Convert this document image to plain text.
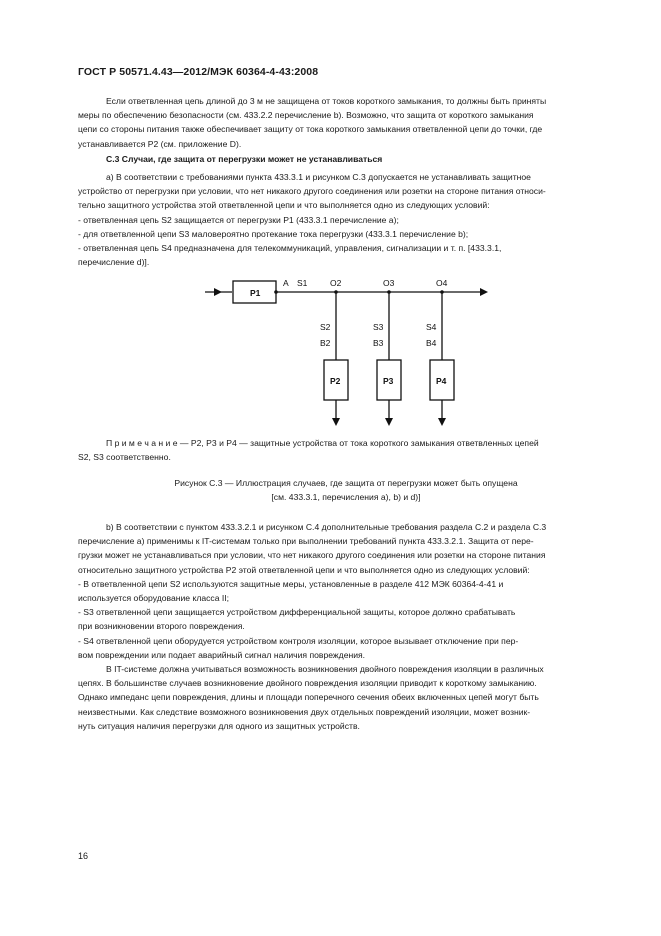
ГОСТ Р 50571.4.43—2012/МЭК 60364-4-43:2008
Если ответвленная цепь длиной до 3 м не защищена от токов короткого замыкания, то должны быть приняты
меры по обеспечению безопасности (см. 433.2.2 перечисление b). Возможно, что защита от короткого замыкания
цепи со стороны питания также обеспечивает защиту от тока короткого замыкания ответвленной цепи до точки, где
устанавливается P2 (см. приложение D).
С.3 Случаи, где защита от перегрузки может не устанавливаться
a) В соответствии с требованиями пункта 433.3.1 и рисунком С.3 допускается не устанавливать защитное
устройство от перегрузки при условии, что нет никакого другого соединения или розетки на стороне питания относи-
тельно защитного устройства этой ответвленной цепи и что выполняется одно из следующих условий:
- ответвленная цепь S2 защищается от перегрузки P1 (433.3.1 перечисление a);
- для ответвленной цепи S3 маловероятно протекание тока перегрузки (433.3.1 перечисление b);
- ответвленная цепь S4 предназначена для телекоммуникаций, управления, сигнализации и т. п. [433.3.1,
перечисление d)].
P1
A S1	O2	O3	O4
S2
B2
S3
B3
S4
B4
P2	P3	P4
П р и м е ч а н и е — P2, P3 и P4 — защитные устройства от тока короткого замыкания ответвленных цепей
S2, S3 соответственно.
Рисунок С.3 — Иллюстрация случаев, где защита от перегрузки может быть опущена
[см. 433.3.1, перечисления a), b) и d)]
b) В соответствии с пунктом 433.3.2.1 и рисунком С.4 дополнительные требования раздела С.2 и раздела С.3
перечисление a) применимы к IT-системам только при выполнении требований пункта 433.3.2.1. Защита от пере-
грузки может не устанавливаться при условии, что нет никакого другого соединения или розетки на стороне питания
относительно защитного устройства P2 этой ответвленной цепи и что выполняется одно из следующих условий:
- В ответвленной цепи S2 используются защитные меры, установленные в разделе 412 МЭК 60364-4-41 и
используется оборудование класса II;
- S3 ответвленной цепи защищается устройством дифференциальной защиты, которое должно срабатывать
при возникновении второго повреждения.
- S4 ответвленной цепи оборудуется устройством контроля изоляции, которое вызывает отключение при пер-
вом повреждении или подает аварийный сигнал наличия повреждения.
В IT-системе должна учитываться возможность возникновения двойного повреждения изоляции в различных
цепях. В большинстве случаев возникновение двойного повреждения изоляции приводит к короткому замыканию.
Однако импеданс цепи повреждения, длины и площади поперечного сечения обеих включенных цепей могут быть
неизвестными. Как следствие возможного возникновения двух отдельных повреждений изоляции, может возник-
нуть ситуация наличия перегрузки для одного из защитных устройств.
16
